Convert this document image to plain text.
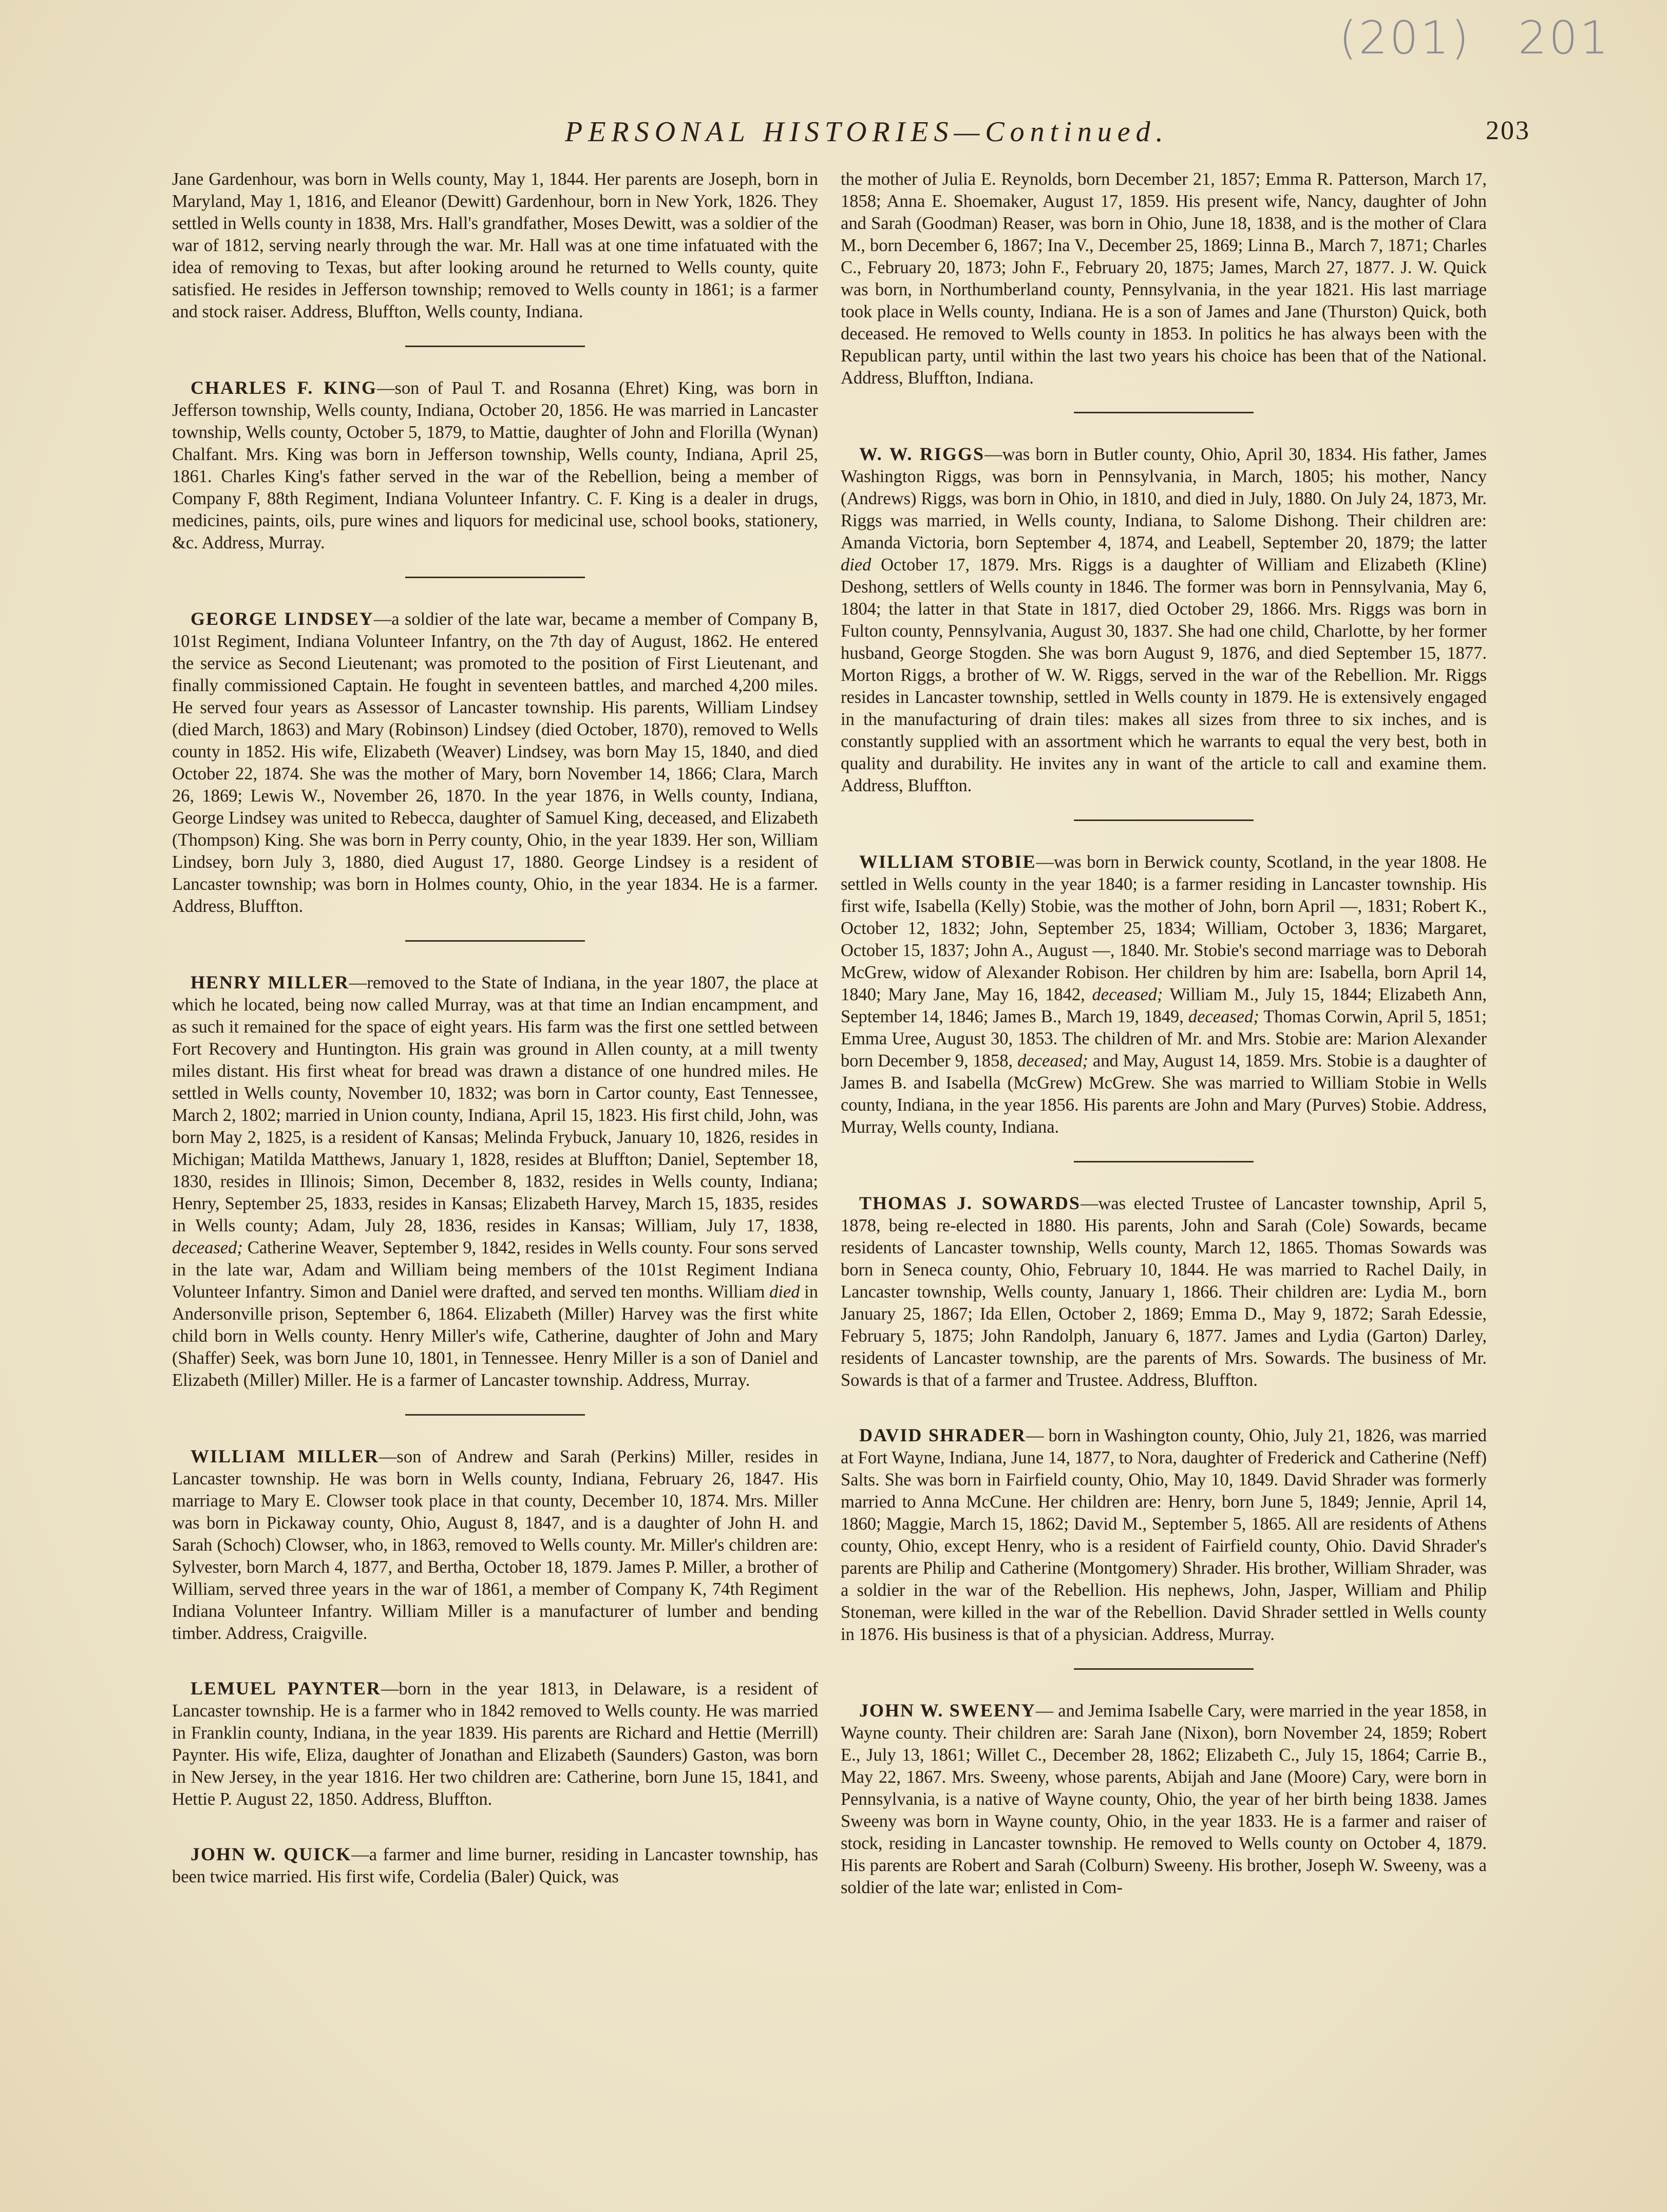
(201) 201
PERSONAL HISTORIES—Continued.	203

Jane Gardenhour, was born in Wells county, May 1, 1844. Her parents are Joseph, born in Maryland, May 1, 1816, and Eleanor (Dewitt) Gardenhour, born in New York, 1826. They settled in Wells county in 1838, Mrs. Hall's grandfather, Moses Dewitt, was a soldier of the war of 1812, serving nearly through the war. Mr. Hall was at one time infatuated with the idea of removing to Texas, but after looking around he returned to Wells county, quite satisfied. He resides in Jefferson township; removed to Wells county in 1861; is a farmer and stock raiser. Address, Bluffton, Wells county, Indiana.

CHARLES F. KING—son of Paul T. and Rosanna (Ehret) King, was born in Jefferson township, Wells county, Indiana, October 20, 1856. He was married in Lancaster township, Wells county, October 5, 1879, to Mattie, daughter of John and Florilla (Wynan) Chalfant. Mrs. King was born in Jefferson township, Wells county, Indiana, April 25, 1861. Charles King's father served in the war of the Rebellion, being a member of Company F, 88th Regiment, Indiana Volunteer Infantry. C. F. King is a dealer in drugs, medicines, paints, oils, pure wines and liquors for medicinal use, school books, stationery, &c. Address, Murray.

GEORGE LINDSEY—a soldier of the late war, became a member of Company B, 101st Regiment, Indiana Volunteer Infantry, on the 7th day of August, 1862. He entered the service as Second Lieutenant; was promoted to the position of First Lieutenant, and finally commissioned Captain. He fought in seventeen battles, and marched 4,200 miles. He served four years as Assessor of Lancaster township. His parents, William Lindsey (died March, 1863) and Mary (Robinson) Lindsey (died October, 1870), removed to Wells county in 1852. His wife, Elizabeth (Weaver) Lindsey, was born May 15, 1840, and died October 22, 1874. She was the mother of Mary, born November 14, 1866; Clara, March 26, 1869; Lewis W., November 26, 1870. In the year 1876, in Wells county, Indiana, George Lindsey was united to Rebecca, daughter of Samuel King, deceased, and Elizabeth (Thompson) King. She was born in Perry county, Ohio, in the year 1839. Her son, William Lindsey, born July 3, 1880, died August 17, 1880. George Lindsey is a resident of Lancaster township; was born in Holmes county, Ohio, in the year 1834. He is a farmer. Address, Bluffton.

HENRY MILLER—removed to the State of Indiana, in the year 1807, the place at which he located, being now called Murray, was at that time an Indian encampment, and as such it remained for the space of eight years. His farm was the first one settled between Fort Recovery and Huntington. His grain was ground in Allen county, at a mill twenty miles distant. His first wheat for bread was drawn a distance of one hundred miles. He settled in Wells county, November 10, 1832; was born in Cartor county, East Tennessee, March 2, 1802; married in Union county, Indiana, April 15, 1823. His first child, John, was born May 2, 1825, is a resident of Kansas; Melinda Frybuck, January 10, 1826, resides in Michigan; Matilda Matthews, January 1, 1828, resides at Bluffton; Daniel, September 18, 1830, resides in Illinois; Simon, December 8, 1832, resides in Wells county, Indiana; Henry, September 25, 1833, resides in Kansas; Elizabeth Harvey, March 15, 1835, resides in Wells county; Adam, July 28, 1836, resides in Kansas; William, July 17, 1838, deceased; Catherine Weaver, September 9, 1842, resides in Wells county. Four sons served in the late war, Adam and William being members of the 101st Regiment Indiana Volunteer Infantry. Simon and Daniel were drafted, and served ten months. William died in Andersonville prison, September 6, 1864. Elizabeth (Miller) Harvey was the first white child born in Wells county. Henry Miller's wife, Catherine, daughter of John and Mary (Shaffer) Seek, was born June 10, 1801, in Tennessee. Henry Miller is a son of Daniel and Elizabeth (Miller) Miller. He is a farmer of Lancaster township. Address, Murray.

WILLIAM MILLER—son of Andrew and Sarah (Perkins) Miller, resides in Lancaster township. He was born in Wells county, Indiana, February 26, 1847. His marriage to Mary E. Clowser took place in that county, December 10, 1874. Mrs. Miller was born in Pickaway county, Ohio, August 8, 1847, and is a daughter of John H. and Sarah (Schoch) Clowser, who, in 1863, removed to Wells county. Mr. Miller's children are: Sylvester, born March 4, 1877, and Bertha, October 18, 1879. James P. Miller, a brother of William, served three years in the war of 1861, a member of Company K, 74th Regiment Indiana Volunteer Infantry. William Miller is a manufacturer of lumber and bending timber. Address, Craigville.

LEMUEL PAYNTER—born in the year 1813, in Delaware, is a resident of Lancaster township. He is a farmer who in 1842 removed to Wells county. He was married in Franklin county, Indiana, in the year 1839. His parents are Richard and Hettie (Merrill) Paynter. His wife, Eliza, daughter of Jonathan and Elizabeth (Saunders) Gaston, was born in New Jersey, in the year 1816. Her two children are: Catherine, born June 15, 1841, and Hettie P. August 22, 1850. Address, Bluffton.

JOHN W. QUICK—a farmer and lime burner, residing in Lancaster township, has been twice married. His first wife, Cordelia (Baler) Quick, was

the mother of Julia E. Reynolds, born December 21, 1857; Emma R. Patterson, March 17, 1858; Anna E. Shoemaker, August 17, 1859. His present wife, Nancy, daughter of John and Sarah (Goodman) Reaser, was born in Ohio, June 18, 1838, and is the mother of Clara M., born December 6, 1867; Ina V., December 25, 1869; Linna B., March 7, 1871; Charles C., February 20, 1873; John F., February 20, 1875; James, March 27, 1877. J. W. Quick was born, in Northumberland county, Pennsylvania, in the year 1821. His last marriage took place in Wells county, Indiana. He is a son of James and Jane (Thurston) Quick, both deceased. He removed to Wells county in 1853. In politics he has always been with the Republican party, until within the last two years his choice has been that of the National. Address, Bluffton, Indiana.

W. W. RIGGS—was born in Butler county, Ohio, April 30, 1834. His father, James Washington Riggs, was born in Pennsylvania, in March, 1805; his mother, Nancy (Andrews) Riggs, was born in Ohio, in 1810, and died in July, 1880. On July 24, 1873, Mr. Riggs was married, in Wells county, Indiana, to Salome Dishong. Their children are: Amanda Victoria, born September 4, 1874, and Leabell, September 20, 1879; the latter died October 17, 1879. Mrs. Riggs is a daughter of William and Elizabeth (Kline) Deshong, settlers of Wells county in 1846. The former was born in Pennsylvania, May 6, 1804; the latter in that State in 1817, died October 29, 1866. Mrs. Riggs was born in Fulton county, Pennsylvania, August 30, 1837. She had one child, Charlotte, by her former husband, George Stogden. She was born August 9, 1876, and died September 15, 1877. Morton Riggs, a brother of W. W. Riggs, served in the war of the Rebellion. Mr. Riggs resides in Lancaster township, settled in Wells county in 1879. He is extensively engaged in the manufacturing of drain tiles: makes all sizes from three to six inches, and is constantly supplied with an assortment which he warrants to equal the very best, both in quality and durability. He invites any in want of the article to call and examine them. Address, Bluffton.

WILLIAM STOBIE—was born in Berwick county, Scotland, in the year 1808. He settled in Wells county in the year 1840; is a farmer residing in Lancaster township. His first wife, Isabella (Kelly) Stobie, was the mother of John, born April —, 1831; Robert K., October 12, 1832; John, September 25, 1834; William, October 3, 1836; Margaret, October 15, 1837; John A., August —, 1840. Mr. Stobie's second marriage was to Deborah McGrew, widow of Alexander Robison. Her children by him are: Isabella, born April 14, 1840; Mary Jane, May 16, 1842, deceased; William M., July 15, 1844; Elizabeth Ann, September 14, 1846; James B., March 19, 1849, deceased; Thomas Corwin, April 5, 1851; Emma Uree, August 30, 1853. The children of Mr. and Mrs. Stobie are: Marion Alexander born December 9, 1858, deceased; and May, August 14, 1859. Mrs. Stobie is a daughter of James B. and Isabella (McGrew) McGrew. She was married to William Stobie in Wells county, Indiana, in the year 1856. His parents are John and Mary (Purves) Stobie. Address, Murray, Wells county, Indiana.

THOMAS J. SOWARDS—was elected Trustee of Lancaster township, April 5, 1878, being re-elected in 1880. His parents, John and Sarah (Cole) Sowards, became residents of Lancaster township, Wells county, March 12, 1865. Thomas Sowards was born in Seneca county, Ohio, February 10, 1844. He was married to Rachel Daily, in Lancaster township, Wells county, January 1, 1866. Their children are: Lydia M., born January 25, 1867; Ida Ellen, October 2, 1869; Emma D., May 9, 1872; Sarah Edessie, February 5, 1875; John Randolph, January 6, 1877. James and Lydia (Garton) Darley, residents of Lancaster township, are the parents of Mrs. Sowards. The business of Mr. Sowards is that of a farmer and Trustee. Address, Bluffton.

DAVID SHRADER— born in Washington county, Ohio, July 21, 1826, was married at Fort Wayne, Indiana, June 14, 1877, to Nora, daughter of Frederick and Catherine (Neff) Salts. She was born in Fairfield county, Ohio, May 10, 1849. David Shrader was formerly married to Anna McCune. Her children are: Henry, born June 5, 1849; Jennie, April 14, 1860; Maggie, March 15, 1862; David M., September 5, 1865. All are residents of Athens county, Ohio, except Henry, who is a resident of Fairfield county, Ohio. David Shrader's parents are Philip and Catherine (Montgomery) Shrader. His brother, William Shrader, was a soldier in the war of the Rebellion. His nephews, John, Jasper, William and Philip Stoneman, were killed in the war of the Rebellion. David Shrader settled in Wells county in 1876. His business is that of a physician. Address, Murray.

JOHN W. SWEENY— and Jemima Isabelle Cary, were married in the year 1858, in Wayne county. Their children are: Sarah Jane (Nixon), born November 24, 1859; Robert E., July 13, 1861; Willet C., December 28, 1862; Elizabeth C., July 15, 1864; Carrie B., May 22, 1867. Mrs. Sweeny, whose parents, Abijah and Jane (Moore) Cary, were born in Pennsylvania, is a native of Wayne county, Ohio, the year of her birth being 1838. James Sweeny was born in Wayne county, Ohio, in the year 1833. He is a farmer and raiser of stock, residing in Lancaster township. He removed to Wells county on October 4, 1879. His parents are Robert and Sarah (Colburn) Sweeny. His brother, Joseph W. Sweeny, was a soldier of the late war; enlisted in Com-
